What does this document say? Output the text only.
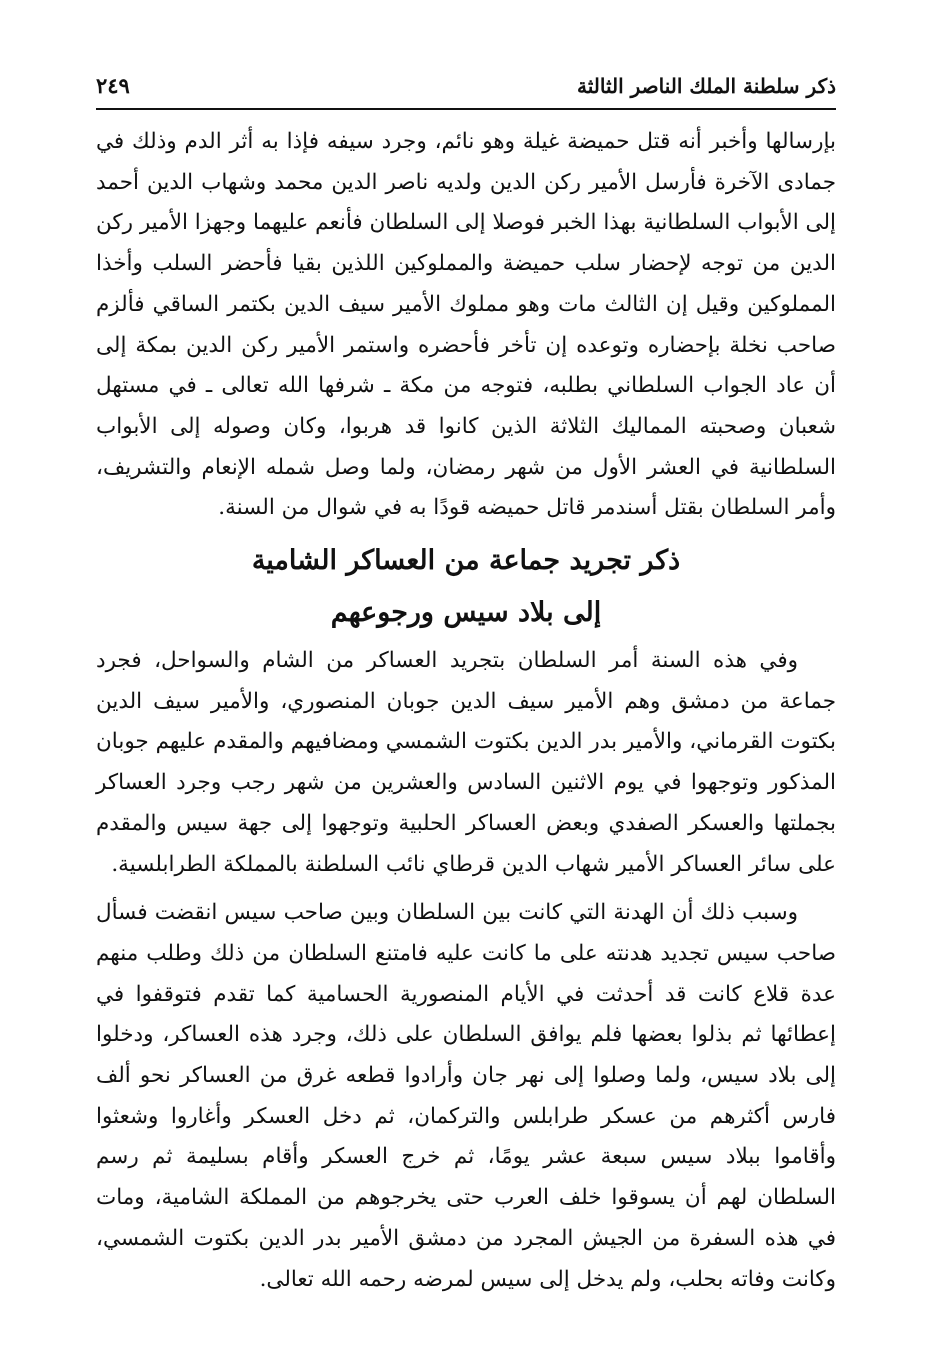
ذكر سلطنة الملك الناصر الثالثة
٢٤٩

بإرسالها وأخبر أنه قتل حميضة غيلة وهو نائم، وجرد سيفه فإذا به أثر الدم وذلك في جمادى الآخرة فأرسل الأمير ركن الدين ولديه ناصر الدين محمد وشهاب الدين أحمد إلى الأبواب السلطانية بهذا الخبر فوصلا إلى السلطان فأنعم عليهما وجهزا الأمير ركن الدين من توجه لإحضار سلب حميضة والمملوكين اللذين بقيا فأحضر السلب وأخذا المملوكين وقيل إن الثالث مات وهو مملوك الأمير سيف الدين بكتمر الساقي فألزم صاحب نخلة بإحضاره وتوعده إن تأخر فأحضره واستمر الأمير ركن الدين بمكة إلى أن عاد الجواب السلطاني بطلبه، فتوجه من مكة ـ شرفها الله تعالى ـ في مستهل شعبان وصحبته المماليك الثلاثة الذين كانوا قد هربوا، وكان وصوله إلى الأبواب السلطانية في العشر الأول من شهر رمضان، ولما وصل شمله الإنعام والتشريف، وأمر السلطان بقتل أسندمر قاتل حميضه قودًا به في شوال من السنة.

ذكر تجريد جماعة من العساكر الشامية
إلى بلاد سيس ورجوعهم

وفي هذه السنة أمر السلطان بتجريد العساكر من الشام والسواحل، فجرد جماعة من دمشق وهم الأمير سيف الدين جوبان المنصوري، والأمير سيف الدين بكتوت القرماني، والأمير بدر الدين بكتوت الشمسي ومضافيهم والمقدم عليهم جوبان المذكور وتوجهوا في يوم الاثنين السادس والعشرين من شهر رجب وجرد العساكر بجملتها والعسكر الصفدي وبعض العساكر الحلبية وتوجهوا إلى جهة سيس والمقدم على سائر العساكر الأمير شهاب الدين قرطاي نائب السلطنة بالمملكة الطرابلسية.

وسبب ذلك أن الهدنة التي كانت بين السلطان وبين صاحب سيس انقضت فسأل صاحب سيس تجديد هدنته على ما كانت عليه فامتنع السلطان من ذلك وطلب منهم عدة قلاع كانت قد أحدثت في الأيام المنصورية الحسامية كما تقدم فتوقفوا في إعطائها ثم بذلوا بعضها فلم يوافق السلطان على ذلك، وجرد هذه العساكر، ودخلوا إلى بلاد سيس، ولما وصلوا إلى نهر جان وأرادوا قطعه غرق من العساكر نحو ألف فارس أكثرهم من عسكر طرابلس والتركمان، ثم دخل العسكر وأغاروا وشعثوا وأقاموا ببلاد سيس سبعة عشر يومًا، ثم خرج العسكر وأقام بسليمة ثم رسم السلطان لهم أن يسوقوا خلف العرب حتى يخرجوهم من المملكة الشامية، ومات في هذه السفرة من الجيش المجرد من دمشق الأمير بدر الدين بكتوت الشمسي، وكانت وفاته بحلب، ولم يدخل إلى سيس لمرضه رحمه الله تعالى.
